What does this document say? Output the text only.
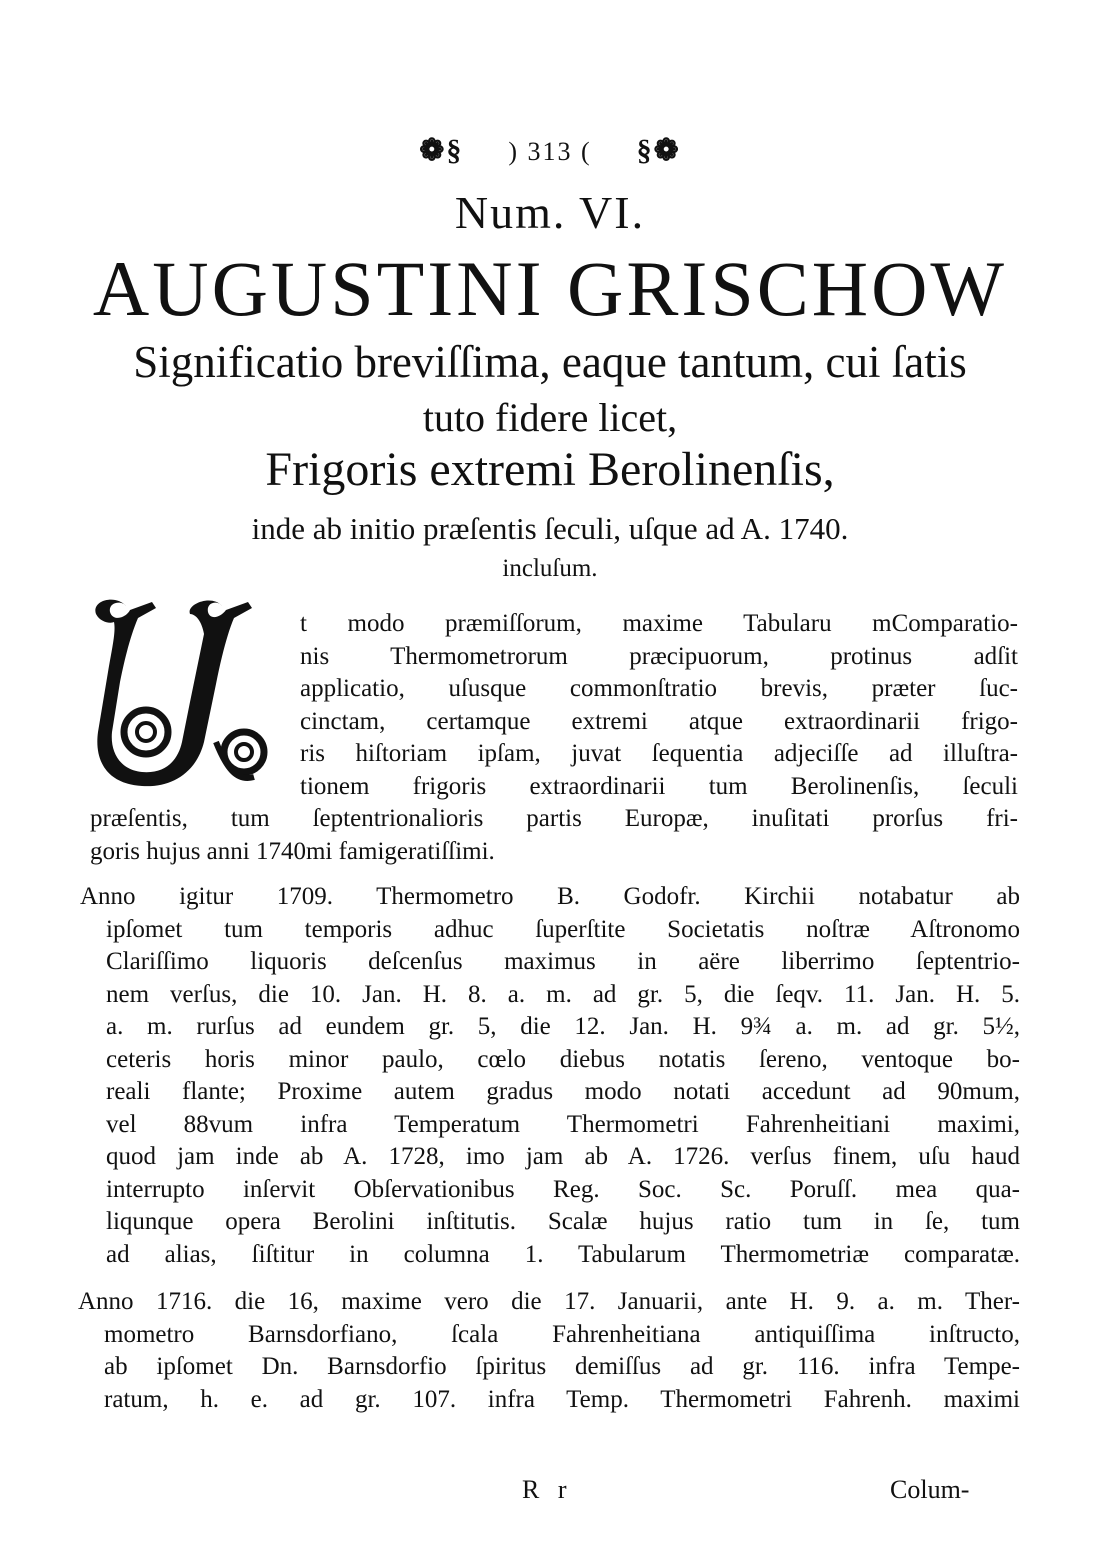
❁§ ) 313 ( §❁
Num. VI.
AUGUSTINI GRISCHOW
Significatio breviſſima, eaque tantum, cui ſatis
tuto fidere licet,
Frigoris extremi Berolinenſis,
inde ab initio præſentis ſeculi, uſque ad A. 1740.
incluſum.
U

t modo præmiſſorum, maxime Tabularu mComparatio-
nis Thermometrorum præcipuorum, protinus adſit
applicatio, uſusque commonſtratio brevis, præter ſuc-
cinctam, certamque extremi atque extraordinarii frigo-
ris hiſtoriam ipſam, juvat ſequentia adjeciſſe ad illuſtra-
tionem frigoris extraordinarii tum Berolinenſis, ſeculi
præſentis, tum ſeptentrionalioris partis Europæ, inuſitati prorſus fri-
goris hujus anni 1740mi famigeratiſſimi.

Anno igitur 1709. Thermometro B. Godofr. Kirchii notabatur ab
ipſomet tum temporis adhuc ſuperſtite Societatis noſtræ Aſtronomo
Clariſſimo liquoris deſcenſus maximus in aëre liberrimo ſeptentrio-
nem verſus, die 10. Jan. H. 8. a. m. ad gr. 5, die ſeqv. 11. Jan. H. 5.
a. m. rurſus ad eundem gr. 5, die 12. Jan. H. 9¾ a. m. ad gr. 5½,
ceteris horis minor paulo, cœlo diebus notatis ſereno, ventoque bo-
reali flante; Proxime autem gradus modo notati accedunt ad 90mum,
vel 88vum infra Temperatum Thermometri Fahrenheitiani maximi,
quod jam inde ab A. 1728, imo jam ab A. 1726. verſus finem, uſu haud
interrupto inſervit Obſervationibus Reg. Soc. Sc. Poruſſ. mea qua-
liqunque opera Berolini inſtitutis. Scalæ hujus ratio tum in ſe, tum
ad alias, ſiſtitur in columna 1. Tabularum Thermometriæ comparatæ.

Anno 1716. die 16, maxime vero die 17. Januarii, ante H. 9. a. m. Ther-
mometro Barnsdorfiano, ſcala Fahrenheitiana antiquiſſima inſtructo,
ab ipſomet Dn. Barnsdorfio ſpiritus demiſſus ad gr. 116. infra Tempe-
ratum, h. e. ad gr. 107. infra Temp. Thermometri Fahrenh. maximi

R r	Colum-
